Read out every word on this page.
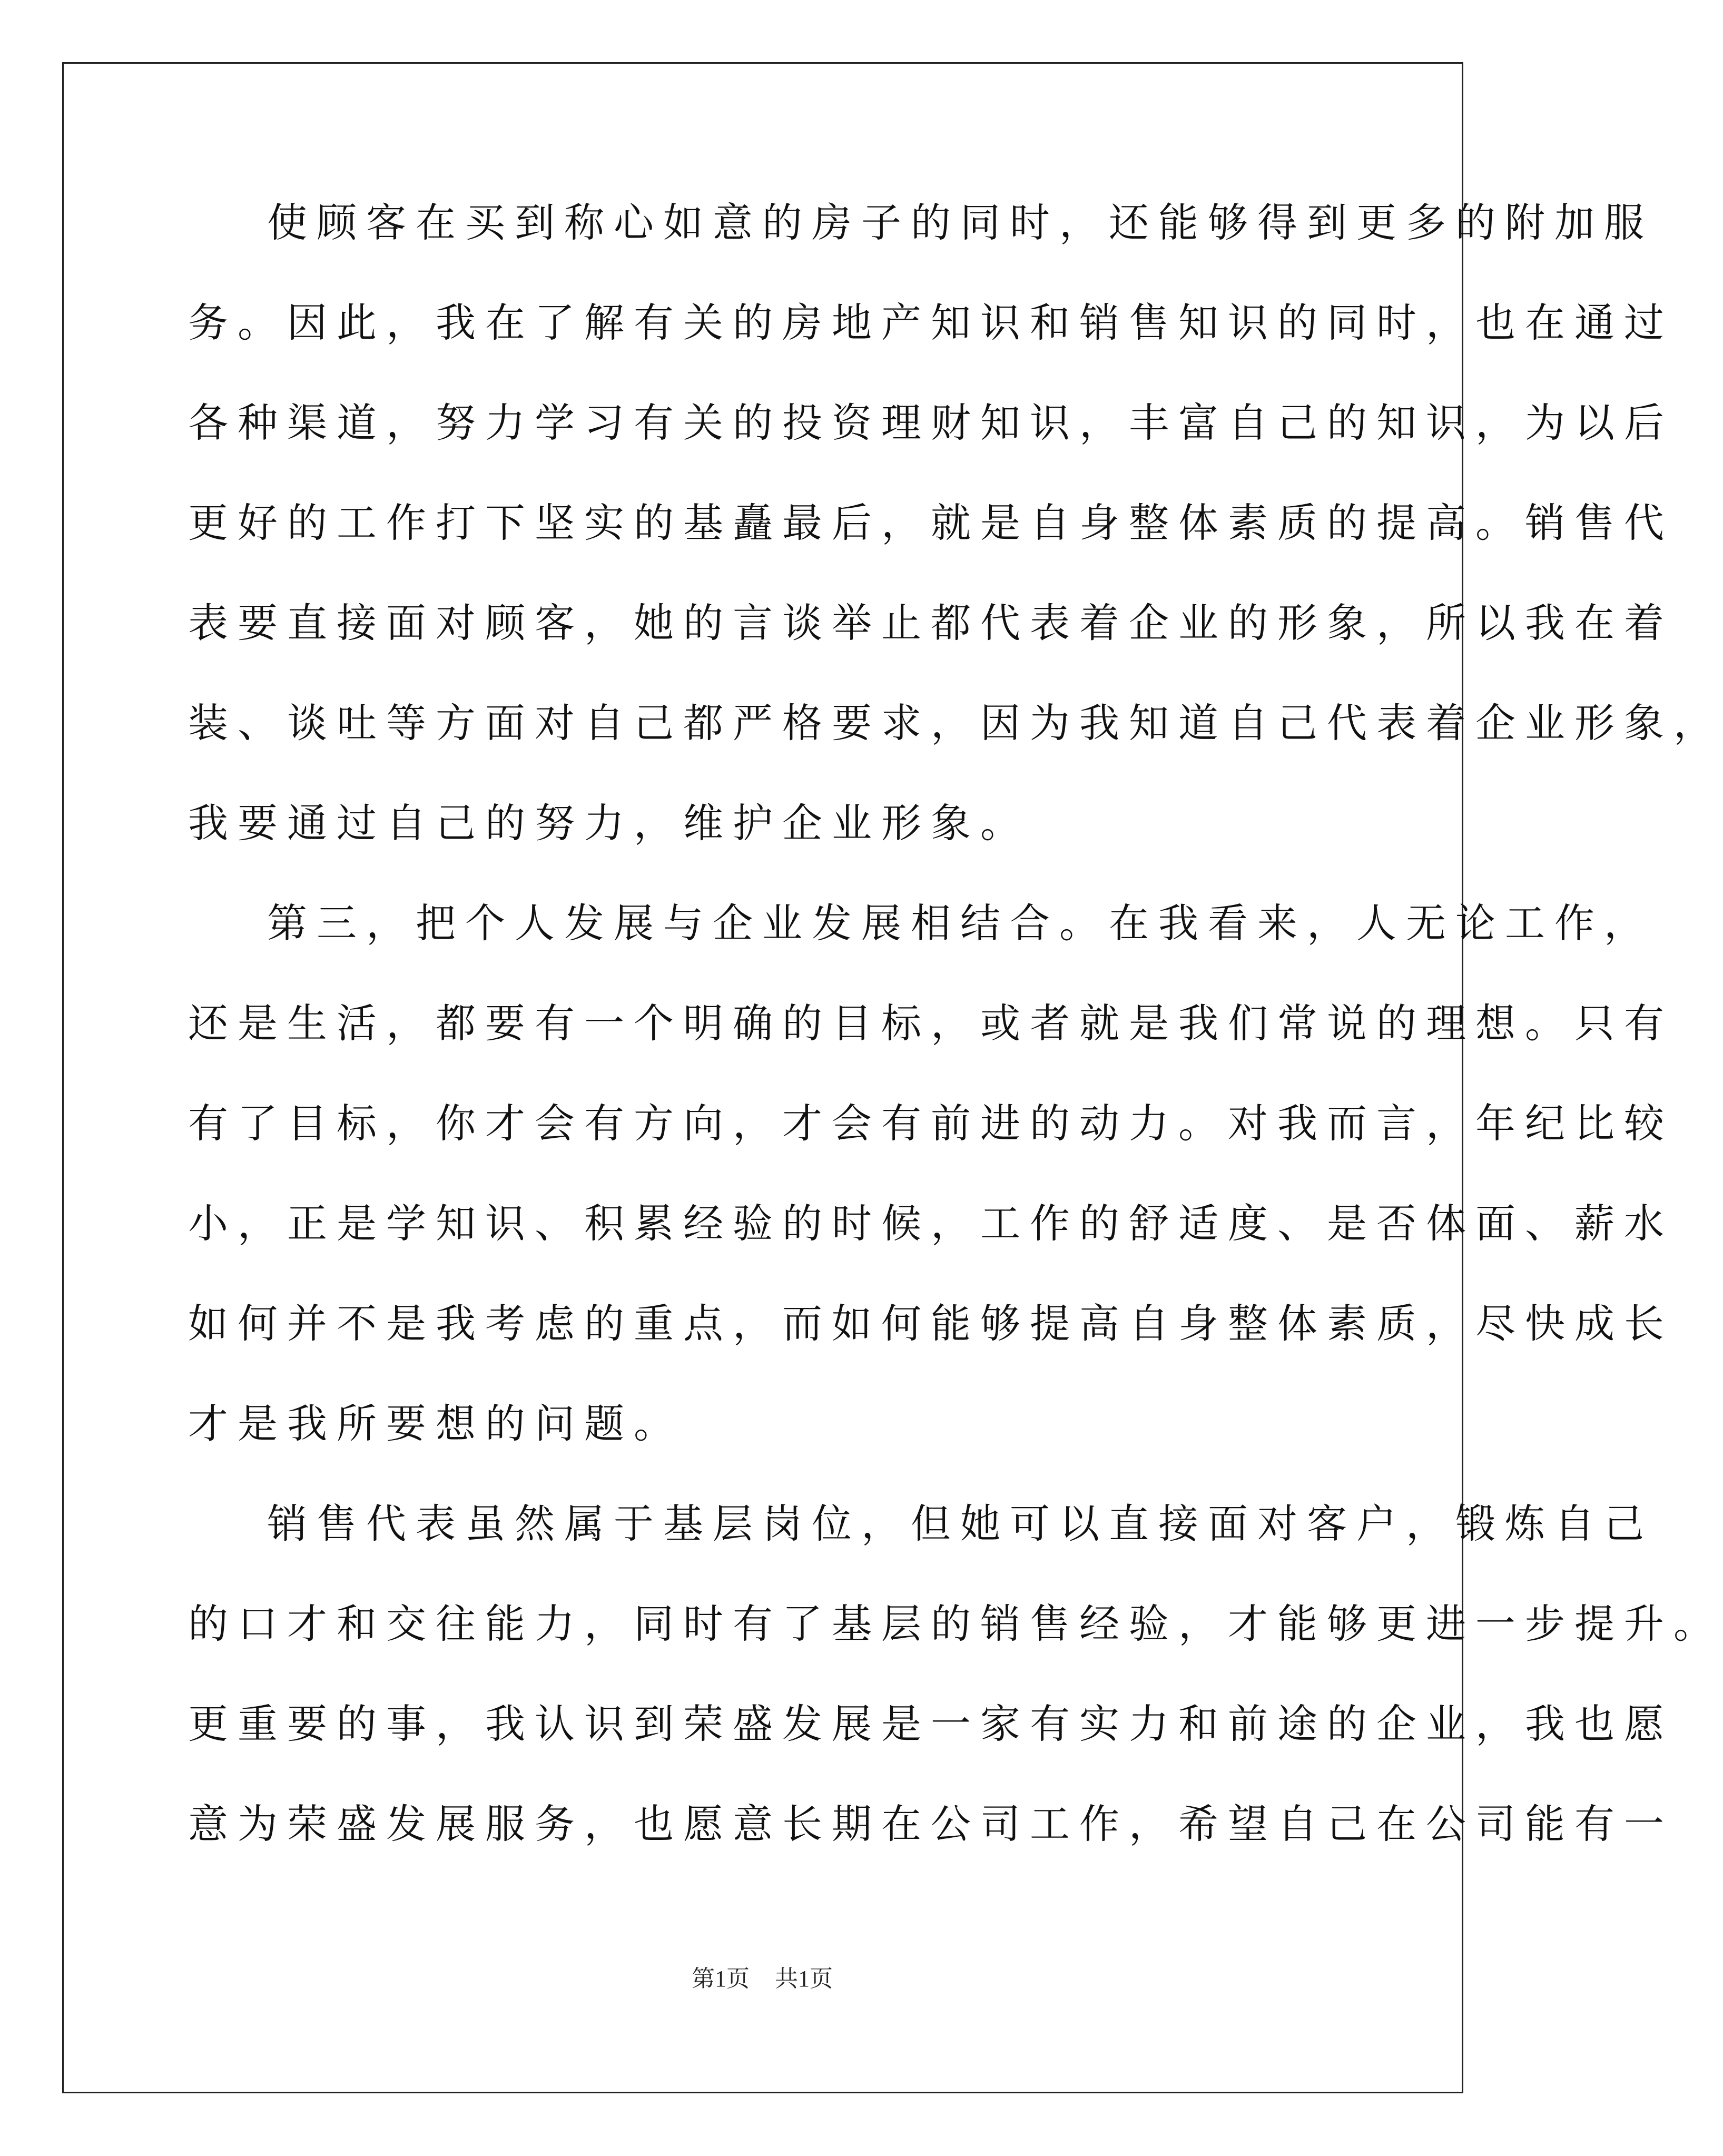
使顾客在买到称心如意的房子的同时，还能够得到更多的附加服
务。因此，我在了解有关的房地产知识和销售知识的同时，也在通过
各种渠道，努力学习有关的投资理财知识，丰富自己的知识，为以后
更好的工作打下坚实的基矗最后，就是自身整体素质的提高。销售代
表要直接面对顾客，她的言谈举止都代表着企业的形象，所以我在着
装、谈吐等方面对自己都严格要求，因为我知道自己代表着企业形象，
我要通过自己的努力，维护企业形象。
第三，把个人发展与企业发展相结合。在我看来，人无论工作，
还是生活，都要有一个明确的目标，或者就是我们常说的理想。只有
有了目标，你才会有方向，才会有前进的动力。对我而言，年纪比较
小，正是学知识、积累经验的时候，工作的舒适度、是否体面、薪水
如何并不是我考虑的重点，而如何能够提高自身整体素质，尽快成长
才是我所要想的问题。
销售代表虽然属于基层岗位，但她可以直接面对客户，锻炼自己
的口才和交往能力，同时有了基层的销售经验，才能够更进一步提升。
更重要的事，我认识到荣盛发展是一家有实力和前途的企业，我也愿
意为荣盛发展服务，也愿意长期在公司工作，希望自己在公司能有一
第1页 共1页
